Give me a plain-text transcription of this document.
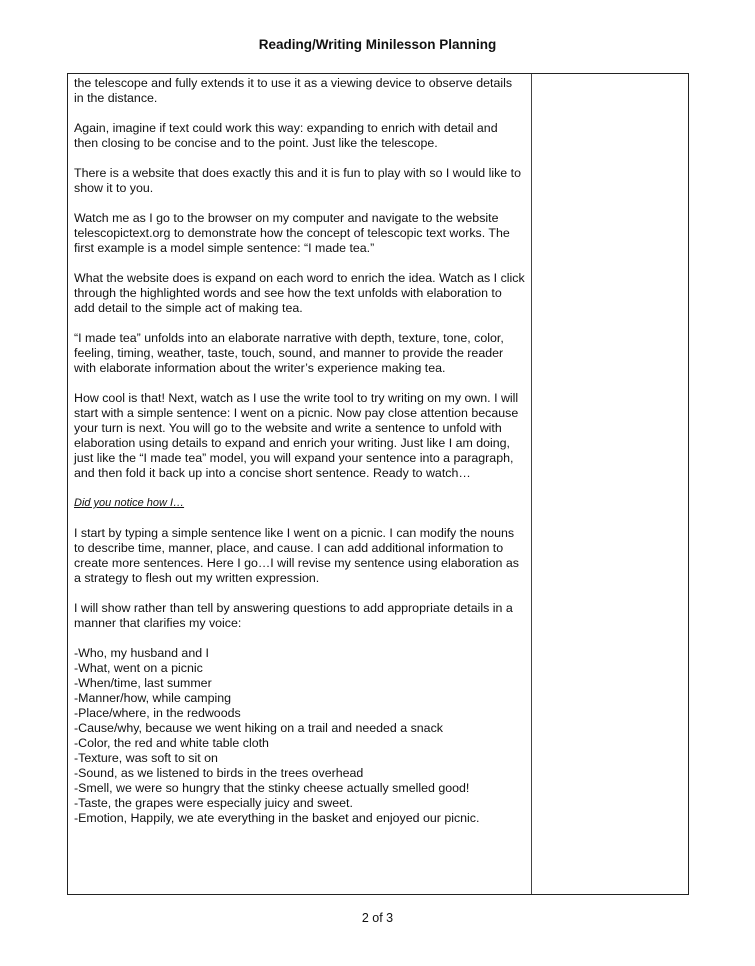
Reading/Writing Minilesson Planning

the telescope and fully extends it to use it as a viewing device to observe details in the distance.

Again, imagine if text could work this way: expanding to enrich with detail and then closing to be concise and to the point. Just like the telescope.

There is a website that does exactly this and it is fun to play with so I would like to show it to you.

Watch me as I go to the browser on my computer and navigate to the website telescopictext.org to demonstrate how the concept of telescopic text works. The first example is a model simple sentence: “I made tea.”

What the website does is expand on each word to enrich the idea. Watch as I click through the highlighted words and see how the text unfolds with elaboration to add detail to the simple act of making tea.

“I made tea” unfolds into an elaborate narrative with depth, texture, tone, color, feeling, timing, weather, taste, touch, sound, and manner to provide the reader with elaborate information about the writer’s experience making tea.

How cool is that! Next, watch as I use the write tool to try writing on my own. I will start with a simple sentence: I went on a picnic. Now pay close attention because your turn is next. You will go to the website and write a sentence to unfold with elaboration using details to expand and enrich your writing. Just like I am doing, just like the “I made tea” model, you will expand your sentence into a paragraph, and then fold it back up into a concise short sentence. Ready to watch…

Did you notice how I…

I start by typing a simple sentence like I went on a picnic. I can modify the nouns to describe time, manner, place, and cause. I can add additional information to create more sentences. Here I go…I will revise my sentence using elaboration as a strategy to flesh out my written expression.

I will show rather than tell by answering questions to add appropriate details in a manner that clarifies my voice:

-Who, my husband and I
-What, went on a picnic
-When/time, last summer
-Manner/how, while camping
-Place/where, in the redwoods
-Cause/why, because we went hiking on a trail and needed a snack
-Color, the red and white table cloth
-Texture, was soft to sit on
-Sound, as we listened to birds in the trees overhead
-Smell, we were so hungry that the stinky cheese actually smelled good!
-Taste, the grapes were especially juicy and sweet.
-Emotion, Happily, we ate everything in the basket and enjoyed our picnic.
2 of 3
